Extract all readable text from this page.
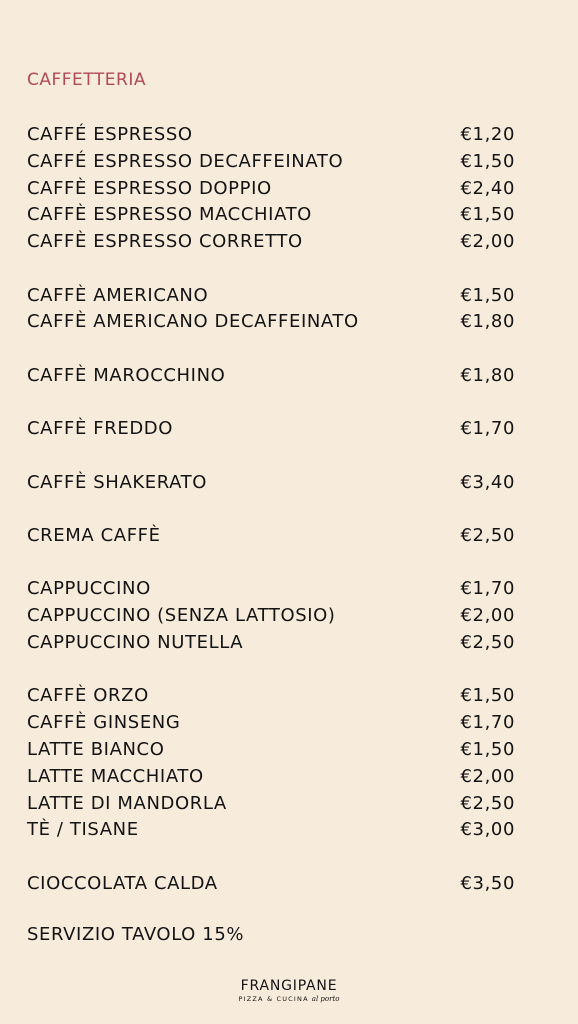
CAFFETTERIA
CAFFÉ ESPRESSO	€1,20
CAFFÉ ESPRESSO DECAFFEINATO	€1,50
CAFFÈ ESPRESSO DOPPIO	€2,40
CAFFÈ ESPRESSO MACCHIATO	€1,50
CAFFÈ ESPRESSO CORRETTO	€2,00
CAFFÈ AMERICANO	€1,50
CAFFÈ AMERICANO DECAFFEINATO	€1,80
CAFFÈ MAROCCHINO	€1,80
CAFFÈ FREDDO	€1,70
CAFFÈ SHAKERATO	€3,40
CREMA CAFFÈ	€2,50
CAPPUCCINO	€1,70
CAPPUCCINO (SENZA LATTOSIO)	€2,00
CAPPUCCINO NUTELLA	€2,50
CAFFÈ ORZO	€1,50
CAFFÈ GINSENG	€1,70
LATTE BIANCO	€1,50
LATTE MACCHIATO	€2,00
LATTE DI MANDORLA	€2,50
TÈ / TISANE	€3,00
CIOCCOLATA CALDA	€3,50
SERVIZIO TAVOLO 15%
FRANGIPANE
PIZZA & CUCINA al porto
